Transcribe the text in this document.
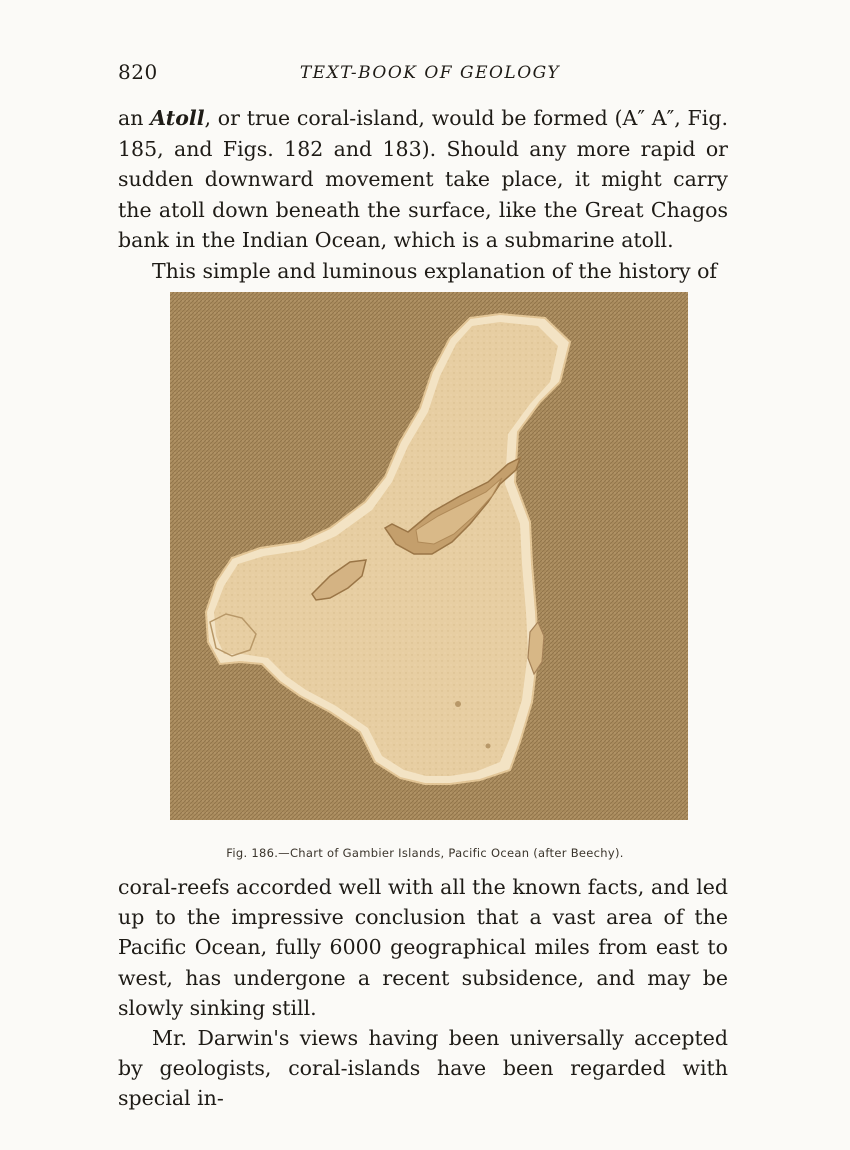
820	TEXT-BOOK OF GEOLOGY

an Atoll, or true coral-island, would be formed (A″ A″, Fig. 185, and Figs. 182 and 183). Should any more rapid or sudden downward movement take place, it might carry the atoll down beneath the surface, like the Great Chagos bank in the Indian Ocean, which is a submarine atoll.

This simple and luminous explanation of the history of

Fig. 186.—Chart of Gambier Islands, Pacific Ocean (after Beechy).

coral-reefs accorded well with all the known facts, and led up to the impressive conclusion that a vast area of the Pacific Ocean, fully 6000 geographical miles from east to west, has undergone a recent subsidence, and may be slowly sinking still.

Mr. Darwin's views having been universally accepted by geologists, coral-islands have been regarded with special in-
